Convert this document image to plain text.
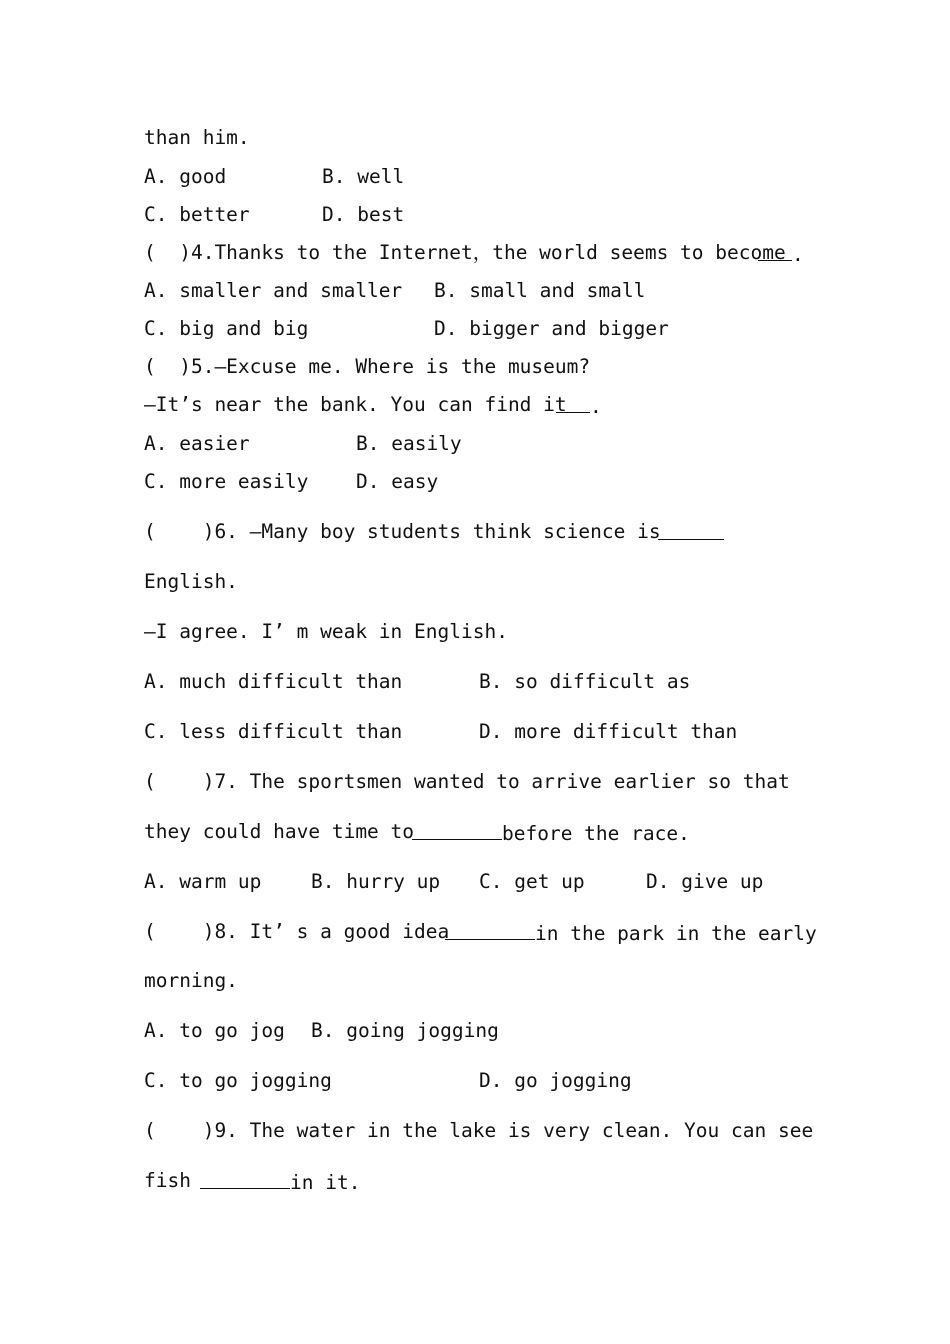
than him.

A. good

	B. well

C. better

	D. best

(  )4.Thanks to the Internet，the world seems to become

.

A. smaller and smaller

B. small and small

C. big and big

	D. bigger and bigger

(  )5.—Excuse me. Where is the museum?

—It’s near the bank. You can find it

	.

A. easier

	B. easily

C. more easily

D. easy

(    )6. —Many boy students think science is

English.

—I agree. I’ m weak in English.

A. much difficult than

	B. so difficult as

C. less difficult than

	D. more difficult than

(    )7. The sportsmen wanted to arrive earlier so that

they could have time to

	before the race.

A. warm up

	B. hurry up

C. get up

	D. give up

(    )8. It’ s a good idea

	in the park in the early

morning.

A. to go jog

B. going jogging

C. to go jogging

	D. go jogging

(    )9. The water in the lake is very clean. You can see

fish

	in it.
